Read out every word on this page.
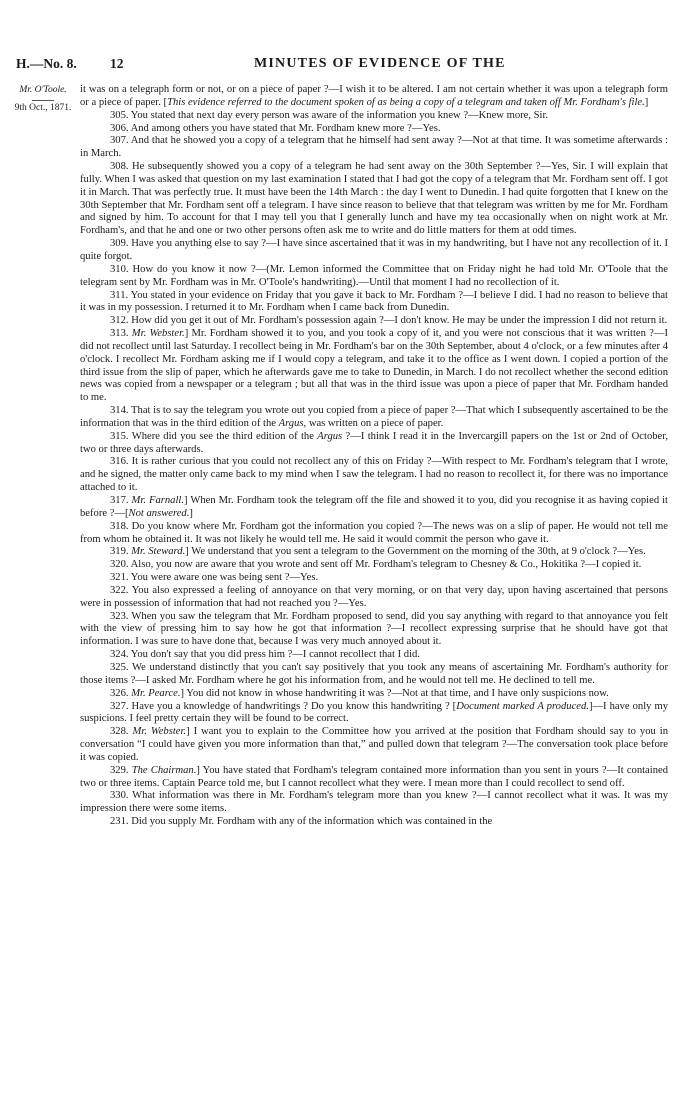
H.—No. 8. 12	MINUTES OF EVIDENCE OF THE
Mr. O'Toole.
9th Oct., 1871.

it was on a telegraph form or not, or on a piece of paper ?—I wish it to be altered. I am not certain whether it was upon a telegraph form or a piece of paper. [This evidence referred to the document spoken of as being a copy of a telegram and taken off Mr. Fordham's file.]

305. You stated that next day every person was aware of the information you knew ?—Knew more, Sir.

306. And among others you have stated that Mr. Fordham knew more ?—Yes.

307. And that he showed you a copy of a telegram that he himself had sent away ?—Not at that time. It was sometime afterwards : in March.

308. He subsequently showed you a copy of a telegram he had sent away on the 30th September ?—Yes, Sir. I will explain that fully. When I was asked that question on my last examination I stated that I had got the copy of a telegram that Mr. Fordham sent off. I got it in March. That was perfectly true. It must have been the 14th March : the day I went to Dunedin. I had quite forgotten that I knew on the 30th September that Mr. Fordham sent off a telegram. I have since reason to believe that that telegram was written by me for Mr. Fordham and signed by him. To account for that I may tell you that I generally lunch and have my tea occasionally when on night work at Mr. Fordham's, and that he and one or two other persons often ask me to write and do little matters for them at odd times.

309. Have you anything else to say ?—I have since ascertained that it was in my handwriting, but I have not any recollection of it. I quite forgot.

310. How do you know it now ?—(Mr. Lemon informed the Committee that on Friday night he had told Mr. O'Toole that the telegram sent by Mr. Fordham was in Mr. O'Toole's handwriting).—Until that moment I had no recollection of it.

311. You stated in your evidence on Friday that you gave it back to Mr. Fordham ?—I believe I did. I had no reason to believe that it was in my possession. I returned it to Mr. Fordham when I came back from Dunedin.

312. How did you get it out of Mr. Fordham's possession again ?—I don't know. He may be under the impression I did not return it.

313. Mr. Webster.] Mr. Fordham showed it to you, and you took a copy of it, and you were not conscious that it was written ?—I did not recollect until last Saturday. I recollect being in Mr. Fordham's bar on the 30th September, about 4 o'clock, or a few minutes after 4 o'clock. I recollect Mr. Fordham asking me if I would copy a telegram, and take it to the office as I went down. I copied a portion of the third issue from the slip of paper, which he afterwards gave me to take to Dunedin, in March. I do not recollect whether the second edition news was copied from a newspaper or a telegram ; but all that was in the third issue was upon a piece of paper that Mr. Fordham handed to me.

314. That is to say the telegram you wrote out you copied from a piece of paper ?—That which I subsequently ascertained to be the information that was in the third edition of the Argus, was written on a piece of paper.

315. Where did you see the third edition of the Argus ?—I think I read it in the Invercargill papers on the 1st or 2nd of October, two or three days afterwards.

316. It is rather curious that you could not recollect any of this on Friday ?—With respect to Mr. Fordham's telegram that I wrote, and he signed, the matter only came back to my mind when I saw the telegram. I had no reason to recollect it, for there was no importance attached to it.

317. Mr. Farnall.] When Mr. Fordham took the telegram off the file and showed it to you, did you recognise it as having copied it before ?—[Not answered.]

318. Do you know where Mr. Fordham got the information you copied ?—The news was on a slip of paper. He would not tell me from whom he obtained it. It was not likely he would tell me. He said it would commit the person who gave it.

319. Mr. Steward.] We understand that you sent a telegram to the Government on the morning of the 30th, at 9 o'clock ?—Yes.

320. Also, you now are aware that you wrote and sent off Mr. Fordham's telegram to Chesney & Co., Hokitika ?—I copied it.

321. You were aware one was being sent ?—Yes.

322. You also expressed a feeling of annoyance on that very morning, or on that very day, upon having ascertained that persons were in possession of information that had not reached you ?—Yes.

323. When you saw the telegram that Mr. Fordham proposed to send, did you say anything with regard to that annoyance you felt with the view of pressing him to say how he got that information ?—I recollect expressing surprise that he should have got that information. I was sure to have done that, because I was very much annoyed about it.

324. You don't say that you did press him ?—I cannot recollect that I did.

325. We understand distinctly that you can't say positively that you took any means of ascertaining Mr. Fordham's authority for those items ?—I asked Mr. Fordham where he got his information from, and he would not tell me. He declined to tell me.

326. Mr. Pearce.] You did not know in whose handwriting it was ?—Not at that time, and I have only suspicions now.

327. Have you a knowledge of handwritings ? Do you know this handwriting ? [Document marked A produced.]—I have only my suspicions. I feel pretty certain they will be found to be correct.

328. Mr. Webster.] I want you to explain to the Committee how you arrived at the position that Fordham should say to you in conversation “I could have given you more information than that,” and pulled down that telegram ?—The conversation took place before it was copied.

329. The Chairman.] You have stated that Fordham's telegram contained more information than you sent in yours ?—It contained two or three items. Captain Pearce told me, but I cannot recollect what they were. I mean more than I could recollect to send off.

330. What information was there in Mr. Fordham's telegram more than you knew ?—I cannot recollect what it was. It was my impression there were some items.

231. Did you supply Mr. Fordham with any of the information which was contained in the
